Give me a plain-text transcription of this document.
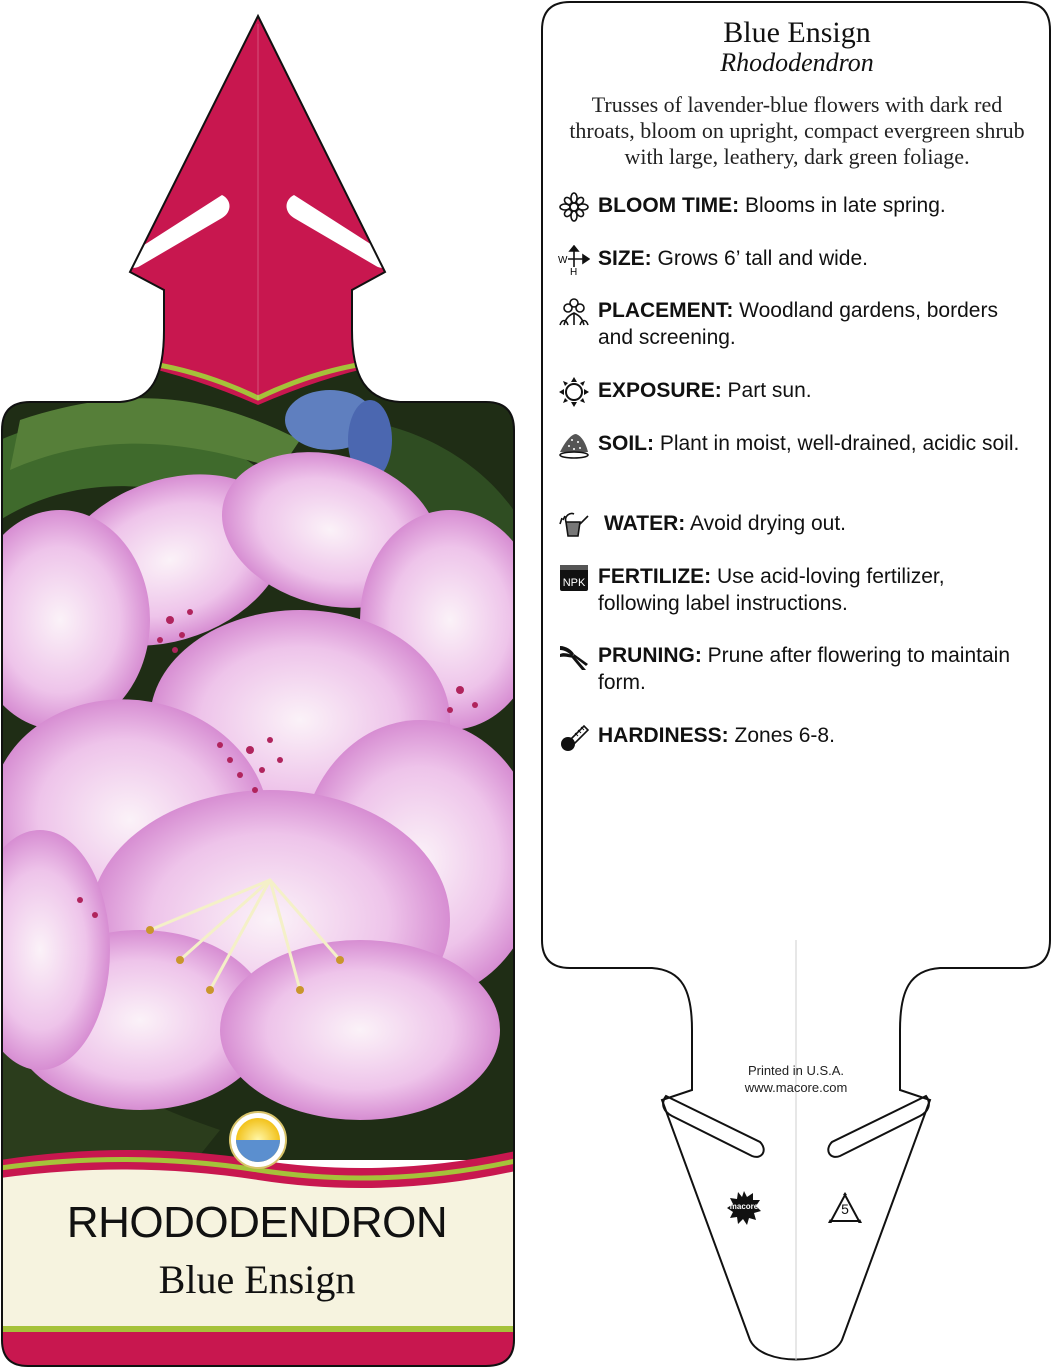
RHODODENDRON
Blue Ensign
Blue Ensign
Rhododendron
Trusses of lavender-blue flowers with dark red throats, bloom on upright, compact evergreen shrub with large, leathery, dark green foliage.
BLOOM TIME: Blooms in late spring.
W
H
SIZE: Grows 6’ tall and wide.
PLACEMENT: Woodland gardens, borders and screening.
EXPOSURE: Part sun.
SOIL: Plant in moist, well-drained, acidic soil.
WATER: Avoid drying out.
NPK FERTILIZE: Use acid-loving fertilizer, following label instructions.
PRUNING: Prune after flowering to maintain form.
HARDINESS: Zones 6-8.
Printed in U.S.A.
www.macore.com
macore	5
